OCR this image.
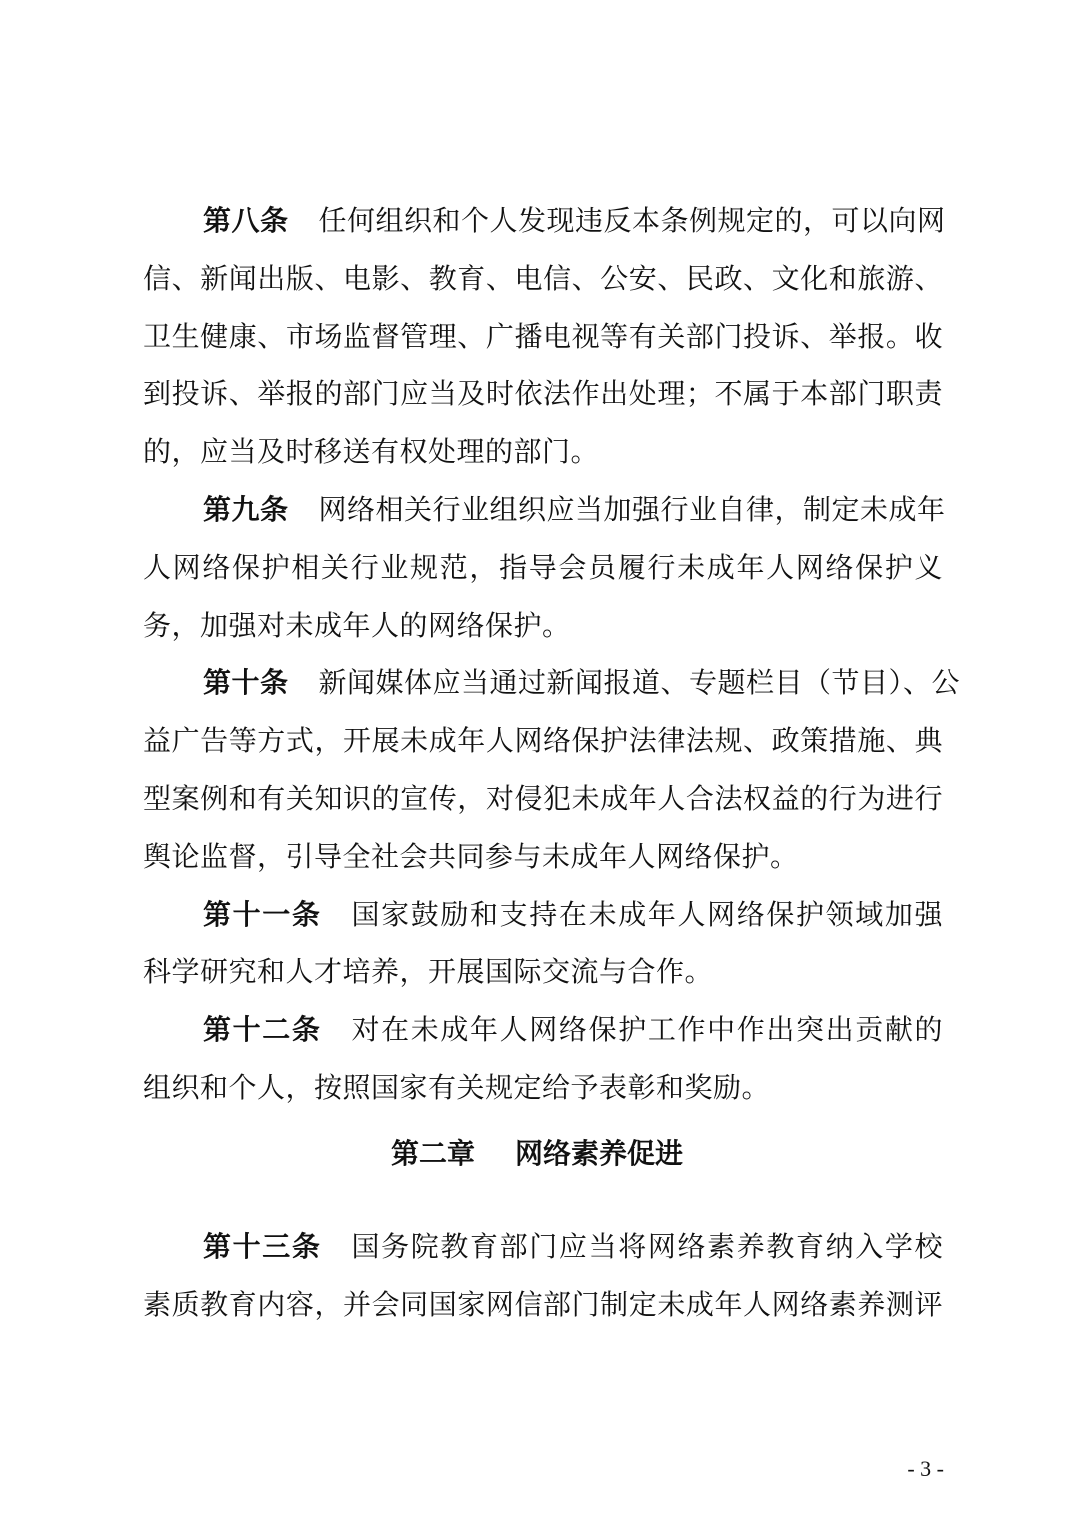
第八条 任何组织和个人发现违反本条例规定的，可以向网
信、新闻出版、电影、教育、电信、公安、民政、文化和旅游、
卫生健康、市场监督管理、广播电视等有关部门投诉、举报。收
到投诉、举报的部门应当及时依法作出处理；不属于本部门职责
的，应当及时移送有权处理的部门。
第九条 网络相关行业组织应当加强行业自律，制定未成年
人网络保护相关行业规范，指导会员履行未成年人网络保护义
务，加强对未成年人的网络保护。
第十条 新闻媒体应当通过新闻报道、专题栏目（节目）、公
益广告等方式，开展未成年人网络保护法律法规、政策措施、典
型案例和有关知识的宣传，对侵犯未成年人合法权益的行为进行
舆论监督，引导全社会共同参与未成年人网络保护。
第十一条 国家鼓励和支持在未成年人网络保护领域加强
科学研究和人才培养，开展国际交流与合作。
第十二条 对在未成年人网络保护工作中作出突出贡献的
组织和个人，按照国家有关规定给予表彰和奖励。
第二章 网络素养促进
第十三条 国务院教育部门应当将网络素养教育纳入学校
素质教育内容，并会同国家网信部门制定未成年人网络素养测评
- 3 -
